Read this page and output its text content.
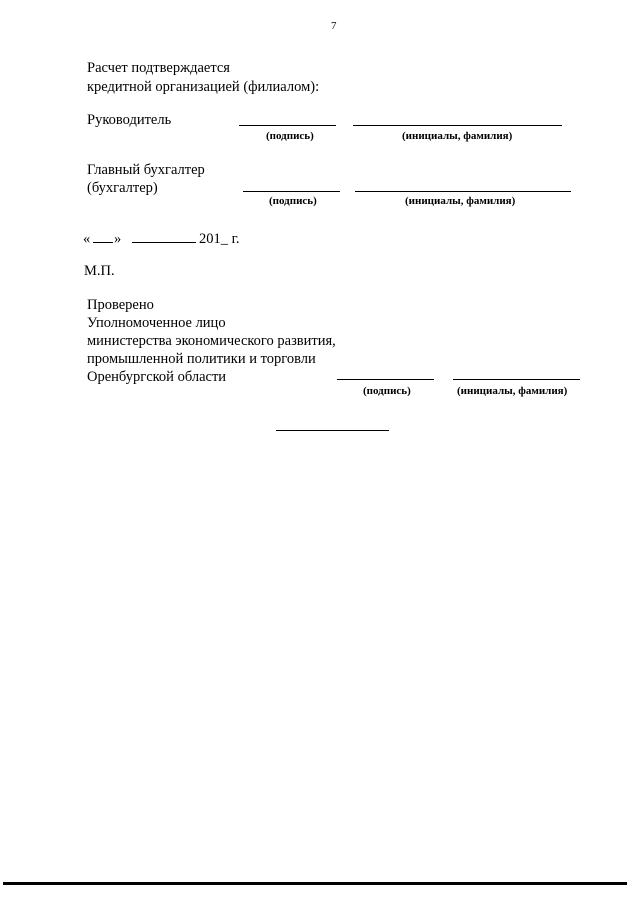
7
Расчет подтверждается
кредитной организацией (филиалом):
Руководитель
(подпись)	(инициалы, фамилия)
Главный бухгалтер
(бухгалтер)
(подпись)	(инициалы, фамилия)
« »	201_ г.
М.П.
Проверено
Уполномоченное лицо
министерства экономического развития,
промышленной политики и торговли
Оренбургской области
(подпись)	(инициалы, фамилия)
